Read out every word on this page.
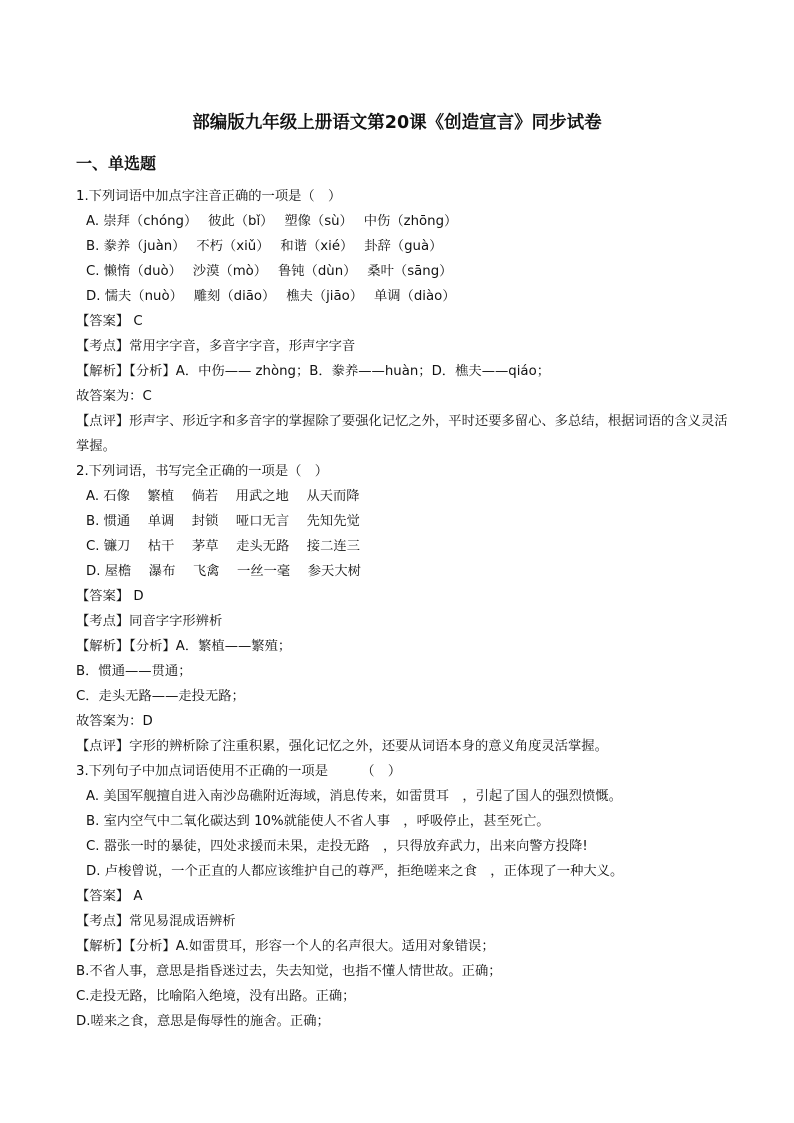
部编版九年级上册语文第20课《创造宣言》同步试卷
一、单选题
1.下列词语中加点字注音正确的一项是（　）
A. 崇拜（chóng）　 彼此（bǐ）　 塑像（sù）　 中伤（zhōng）
B. 豢养（juàn）　 不朽（xiǔ）　 和谐（xié）　 卦辞（guà）
C. 懒惰（duò）　 沙漠（mò）　 鲁钝（dùn）　 桑叶（sāng）
D. 懦夫（nuò）　 雕刻（diāo）　 樵夫（jiāo）　 单调（diào）
【答案】 C
【考点】常用字字音，多音字字音，形声字字音
【解析】【分析】A．中伤—— zhòng；B．豢养——huàn；D．樵夫——qiáo；
故答案为：C
【点评】形声字、形近字和多音字的掌握除了要强化记忆之外，平时还要多留心、多总结，根据词语的含义灵活掌握。
2.下列词语，书写完全正确的一项是（　）
A. 石像　 繁植　 倘若　 用武之地　 从天而降
B. 惯通　 单调　 封锁　 哑口无言　 先知先觉
C. 镰刀　 枯干　 茅草　 走头无路　 接二连三
D. 屋檐　 瀑布　 飞禽　 一丝一毫　 参天大树
【答案】 D
【考点】同音字字形辨析
【解析】【分析】A．繁植——繁殖；
B．惯通——贯通；
C．走头无路——走投无路；
故答案为：D
【点评】字形的辨析除了注重积累，强化记忆之外，还要从词语本身的意义角度灵活掌握。
3.下列句子中加点词语使用不正确的一项是　　　（　）
A. 美国军舰擅自进入南沙岛礁附近海域，消息传来，如雷贯耳　，引起了国人的强烈愤慨。
B. 室内空气中二氧化碳达到 10%就能使人不省人事　，呼吸停止，甚至死亡。
C. 嚣张一时的暴徒，四处求援而未果，走投无路　，只得放弃武力，出来向警方投降!
D. 卢梭曾说，一个正直的人都应该维护自己的尊严，拒绝嗟来之食　，正体现了一种大义。
【答案】 A
【考点】常见易混成语辨析
【解析】【分析】A.如雷贯耳，形容一个人的名声很大。适用对象错误；
B.不省人事，意思是指昏迷过去，失去知觉，也指不懂人情世故。正确；
C.走投无路，比喻陷入绝境，没有出路。正确；
D.嗟来之食，意思是侮辱性的施舍。正确；
